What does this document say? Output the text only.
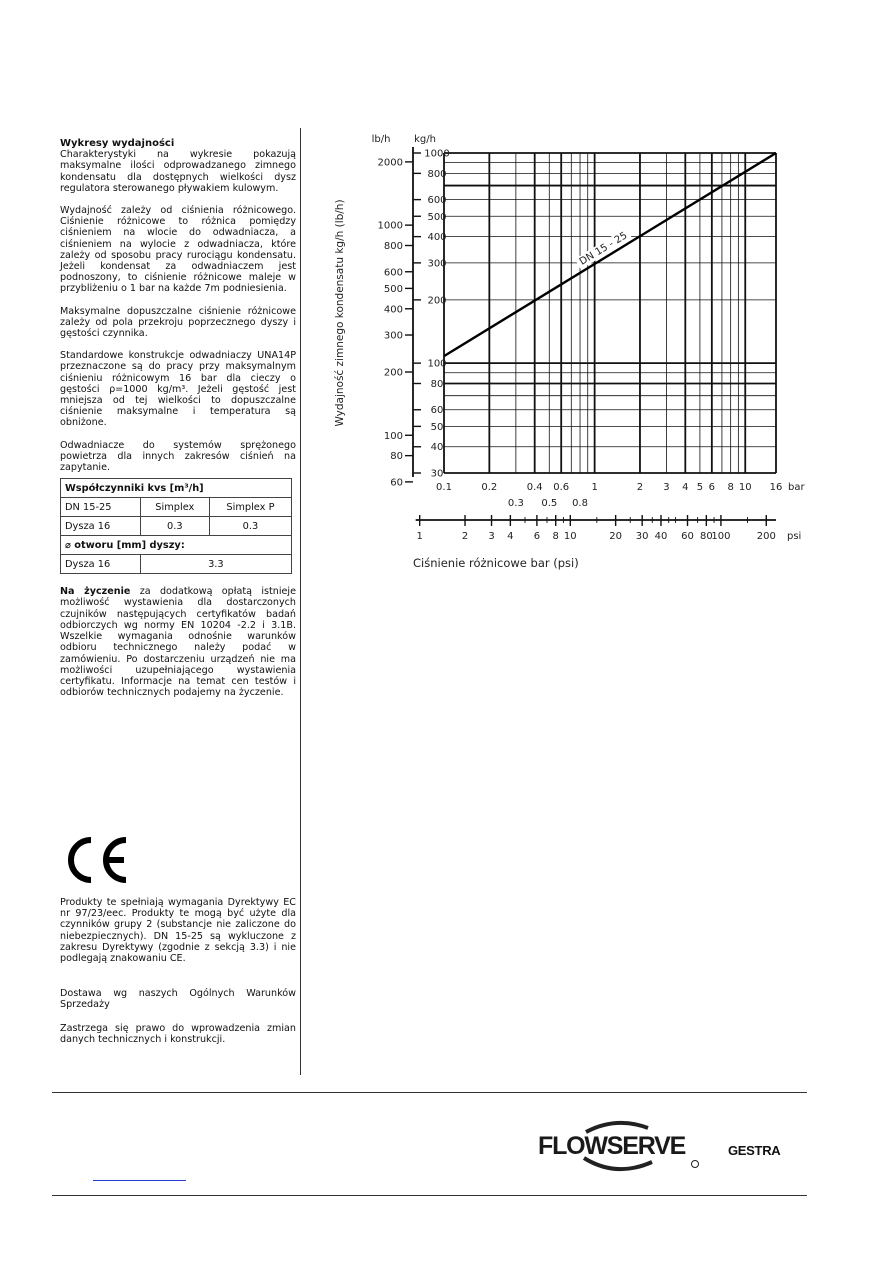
Wykresy wydajności
Charakterystyki na wykresie pokazują maksymalne ilości odprowadzanego zimnego kondensatu dla dostępnych wielkości dysz regulatora sterowanego pływakiem kulowym.

Wydajność zależy od ciśnienia różnicowego. Ciśnienie różnicowe to różnica pomiędzy ciśnieniem na wlocie do odwadniacza, a ciśnieniem na wylocie z odwadniacza, które zależy od sposobu pracy rurociągu kondensatu. Jeżeli kondensat za odwadniaczem jest podnoszony, to ciśnienie różnicowe maleje w przybliżeniu o 1 bar na każde 7m podniesienia.

Maksymalne dopuszczalne ciśnienie różnicowe zależy od pola przekroju poprzecznego dyszy i gęstości czynnika.

Standardowe konstrukcje odwadniaczy UNA14P przeznaczone są do pracy przy maksymalnym ciśnieniu różnicowym 16 bar dla cieczy o gęstości ρ=1000 kg/m³. Jeżeli gęstość jest mniejsza od tej wielkości to dopuszczalne ciśnienie maksymalne i temperatura są obniżone.

Odwadniacze do systemów sprężonego powietrza dla innych zakresów ciśnień na zapytanie.

Współczynniki kvs [m³/h]		
DN 15-25	Simplex	Simplex P
Dysza 16	0.3	0.3
⌀ otworu [mm] dyszy:		
Dysza 16	3.3	

Na życzenie za dodatkową opłatą istnieje możliwość wystawienia dla dostarczonych czujników następujących certyfikatów badań odbiorczych wg normy EN 10204 -2.2 i 3.1B. Wszelkie wymagania odnośnie warunków odbioru technicznego należy podać w zamówieniu. Po dostarczeniu urządzeń nie ma możliwości uzupełniającego wystawienia certyfikatu. Informacje na temat cen testów i odbiorów technicznych podajemy na życzenie.

Produkty te spełniają wymagania Dyrektywy EC nr 97/23/eec. Produkty te mogą być użyte dla czynników grupy 2 (substancje nie zaliczone do niebezpiecznych). DN 15-25 są wykluczone z zakresu Dyrektywy (zgodnie z sekcją 3.3) i nie podlegają znakowaniu CE.

Dostawa wg naszych Ogólnych Warunków Sprzedaży

Zastrzega się prawo do wprowadzenia zmian danych technicznych i konstrukcji.

DN 15 - 25
1000
800
600
500
400
300
200
100
80
60
50
40
30
2000
1000
800
600
500
400
300
200
100
80
60
lb/h kg/h
Wydajność zimnego kondensatu kg/h (lb/h)
0.1	0.2	0.4 0.6 1	2 3 4 5 6 8 10 16
0.3 0.5 0.8
bar
1	2 3 4 6 8 10	20 30 40 60 80
100	200 psi
Ciśnienie różnicowe bar (psi)
FLOWSERVE	GESTRA
